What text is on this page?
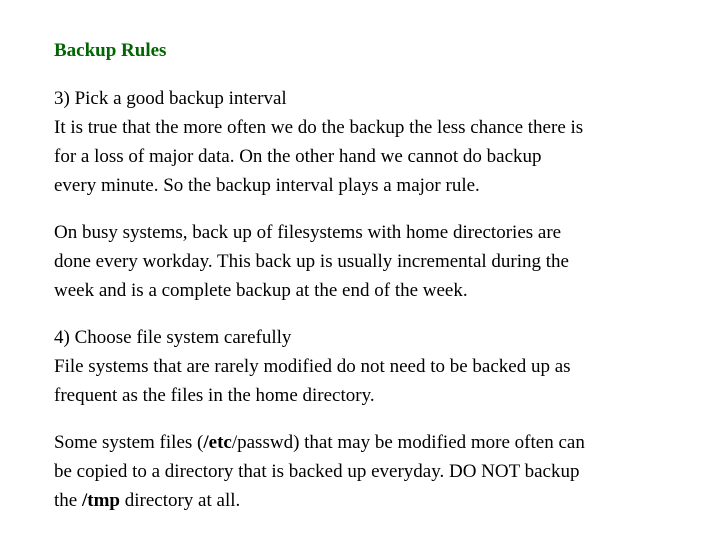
Backup Rules
3) Pick a good backup interval
It is true that the more often we do the backup the less chance there is
for a loss of major data. On the other hand we cannot do backup
every minute. So the backup interval plays a major rule.
On busy systems, back up of filesystems with home directories are
done every workday. This back up is usually incremental during the
week and is a complete backup at the end of the week.
4) Choose file system carefully
File systems that are rarely modified do not need to be backed up as
frequent as the files in the home directory.
Some system files (/etc/passwd) that may be modified more often can
be copied to a directory that is backed up everyday. DO NOT backup
the /tmp directory at all.
